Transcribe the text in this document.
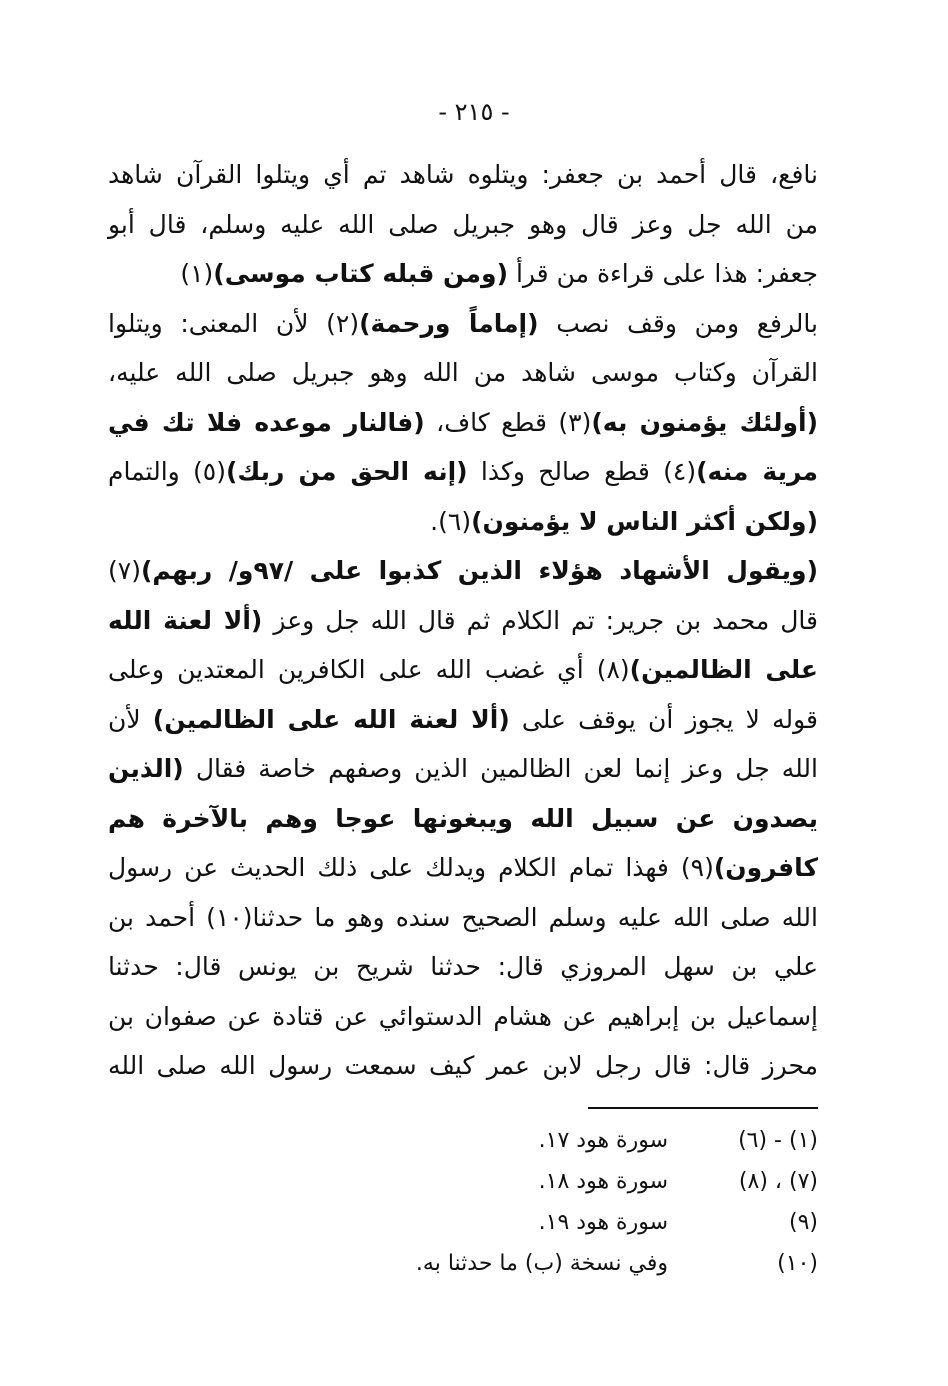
- ٢١٥ -
نافع، قال أحمد بن جعفر: ويتلوه شاهد تم أي ويتلوا القرآن شاهد
من الله جل وعز قال وهو جبريل صلى الله عليه وسلم، قال أبو
جعفر: هذا على قراءة من قرأ (ومن قبله كتاب موسى)(١)
بالرفع ومن وقف نصب (إماماً ورحمة)(٢) لأن المعنى: ويتلوا
القرآن وكتاب موسى شاهد من الله وهو جبريل صلى الله عليه،
(أولئك يؤمنون به)(٣) قطع كاف، (فالنار موعده فلا تك في
مرية منه)(٤) قطع صالح وكذا (إنه الحق من ربك)(٥) والتمام
(ولكن أكثر الناس لا يؤمنون)(٦).
(ويقول الأشهاد هؤلاء الذين كذبوا على /٩٧و/ ربهم)(٧)
قال محمد بن جرير: تم الكلام ثم قال الله جل وعز (ألا لعنة الله
على الظالمين)(٨) أي غضب الله على الكافرين المعتدين وعلى
قوله لا يجوز أن يوقف على (ألا لعنة الله على الظالمين) لأن
الله جل وعز إنما لعن الظالمين الذين وصفهم خاصة فقال (الذين
يصدون عن سبيل الله ويبغونها عوجا وهم بالآخرة هم
كافرون)(٩) فهذا تمام الكلام ويدلك على ذلك الحديث عن رسول
الله صلى الله عليه وسلم الصحيح سنده وهو ما حدثنا(١٠) أحمد بن
علي بن سهل المروزي قال: حدثنا شريح بن يونس قال: حدثنا
إسماعيل بن إبراهيم عن هشام الدستوائي عن قتادة عن صفوان بن
محرز قال: قال رجل لابن عمر كيف سمعت رسول الله صلى الله
(١) - (٦)
سورة هود ١٧.
(٧) ، (٨)
سورة هود ١٨.
(٩)
سورة هود ١٩.
(١٠)
وفي نسخة (ب) ما حدثنا به.
